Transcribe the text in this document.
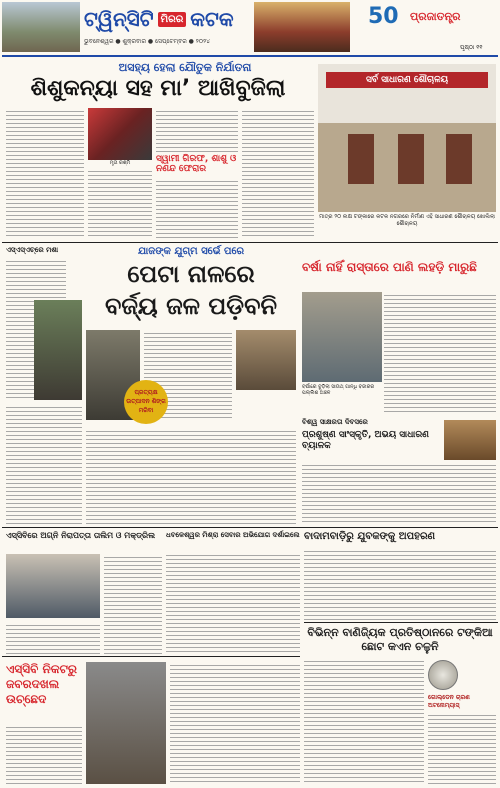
ଟ୍ୱିନ୍‌ସିଟି ମିରର କଟକ
ଭୁବନେଶ୍ୱର ● ଶୁକ୍ରବାର ● ସେପ୍ଟେମ୍ବର ● ୨୦୨୪
50	ପ୍ରଜାତନ୍ତ୍ର
ପୃଷ୍ଠା ୧୧
ଅସହ୍ୟ ହେଲା ଯୌତୁକ ନିର୍ଯାତନା
ଶିଶୁକନ୍ୟା ସହ ମା’ ଆଖିବୁଜିଲା
ମୃତା ରଶ୍ମି	ସ୍ୱାମୀ ଗିରଫ, ଶାଶୁ ଓ ନଣନ୍ଦ ଫେରାର
ସର୍ବ ସାଧାରଣ ଶୌଚାଳୟ
ମାତ୍ର ୨୦ ଲକ୍ଷ ଟଙ୍କାରେ କଟକ ନଗରରେ ନିର୍ମାଣ ଏହି ସାଧାରଣ ଶୌଚାଳୟ ଖୋଲିଲା ଶୌଚାଳୟ
ଏସ୍‌ଏସ୍‌ଏଚ୍‌ରେ ମଶା	ଯାଜଙ୍କ ଯୁଗ୍ମ ସର୍ଭେ ପରେ
ପେଟା ନାଳରେ
ବର୍ଜ୍ୟ ଜଳ ପଡ଼ିବନି
ପ୍ରତ୍ୟକ୍ଷ ଉତ୍ପାଦନ ଶିଙ୍ଗ ମରିବା
ବର୍ଷା ନାହିଁ ରାସ୍ତାରେ ପାଣି ଲହଡ଼ି ମାରୁଛି
ବର୍ଷାରେ ବୁଡ଼ିଲା ସାଉଥ୍ ଗାନ୍ଧି ବଜାରର ପଲ୍ଲିଶ ଅଞ୍ଚଳ
ବିଶ୍ୱ ସାକ୍ଷରତା ଦିବସରେ
ପ୍ରଶୁଷ୍ଣ ସାଂସ୍କୃତି, ଅଭୟ ସାଧାରଣ ବ୍ୟାଳକ
ଏସ୍‌ସିବିରେ ଅଗ୍ନି ନିରାପତ୍ତା ତାଲିମ ଓ ମକ୍‌ଡ୍ରିଲ ଧବଳେଶ୍ୱର ମିଶ୍ରା ସେବାର ଅଭିଯୋଗ ଦର୍ଶାଇଲେ ବାଦାମବାଡ଼ିରୁ ଯୁବକଙ୍କୁ ଅପହରଣ
ବିଭିନ୍ନ ବାଣିଜ୍ୟିକ ପ୍ରତିଷ୍ଠାନରେ ଟଙ୍କିଆ ଛୋଟ କଏନ ଚଳୁନି
ଗୋଲ୍ଡେନ ଚାରଣ ଅଟନୋମ୍ୟାସ୍
ଏସ୍‌ସିବି ନିକଟରୁ ଜବରଦଖଲ ଉଚ୍ଛେଦ
